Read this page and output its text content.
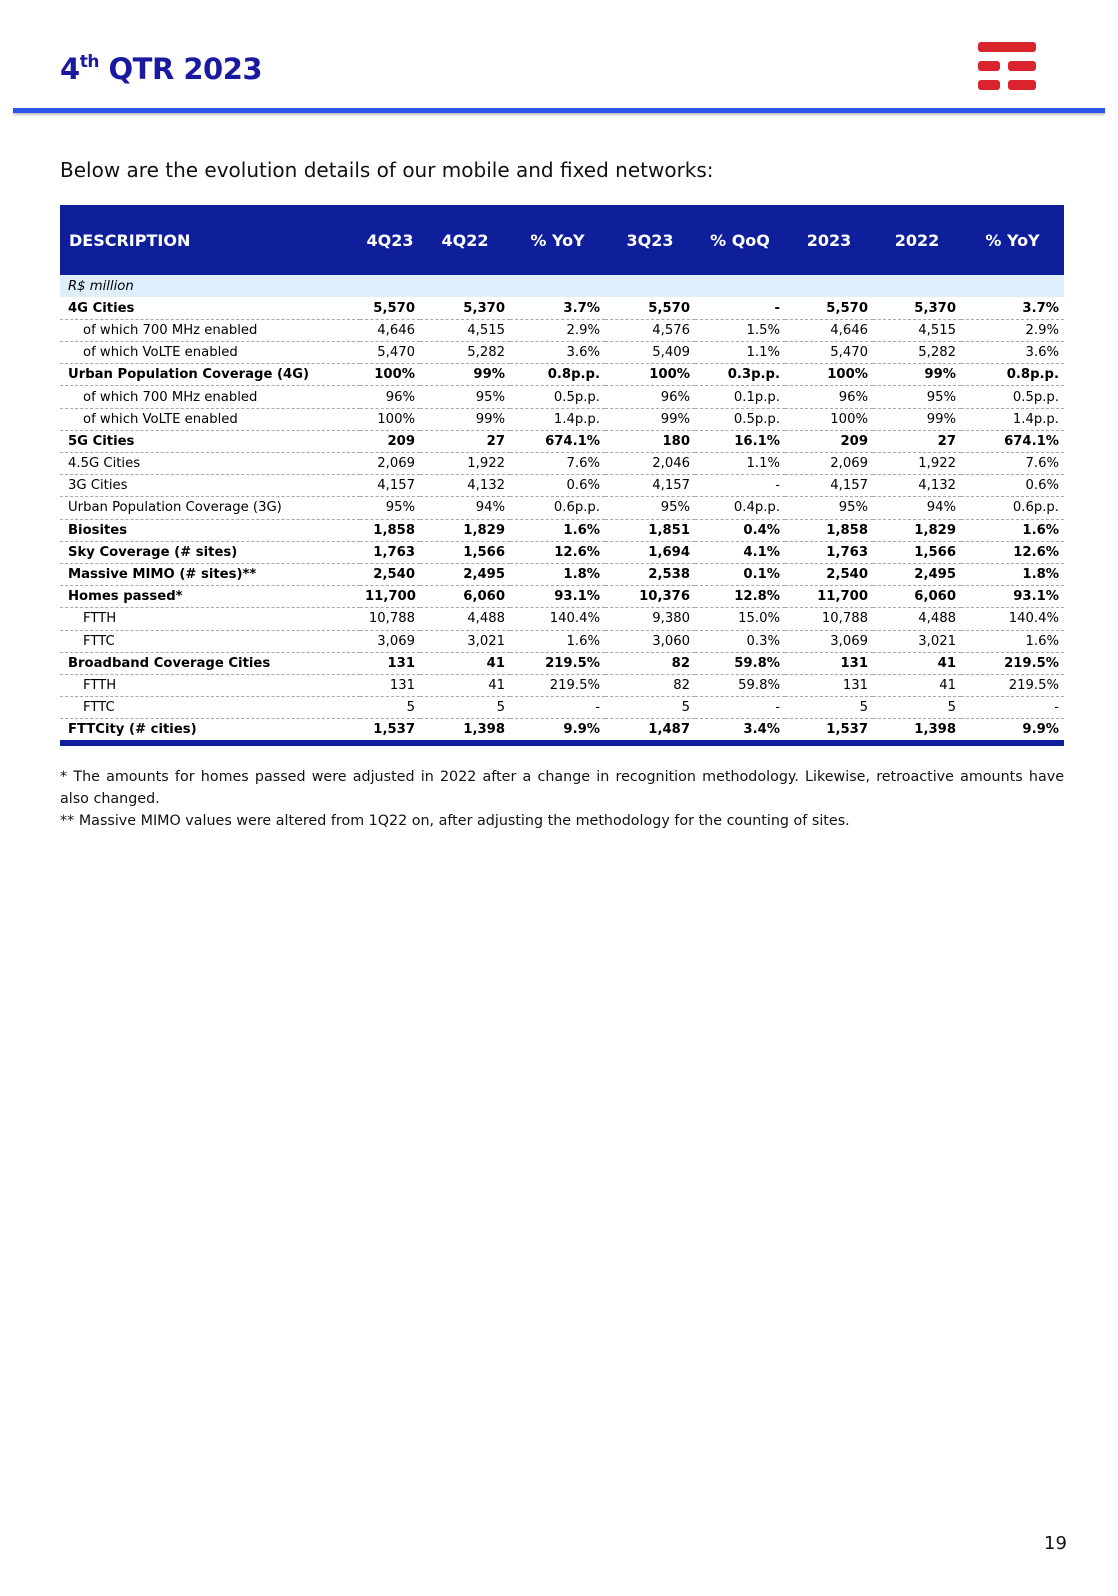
4th QTR 2023

Below are the evolution details of our mobile and fixed networks:

DESCRIPTION	4Q23	4Q22	% YoY	3Q23	% QoQ	2023	2022	% YoY
R$ million								
4G Cities	5,570	5,370	3.7%	5,570	-	5,570	5,370	3.7%
of which 700 MHz enabled	4,646	4,515	2.9%	4,576	1.5%	4,646	4,515	2.9%
of which VoLTE enabled	5,470	5,282	3.6%	5,409	1.1%	5,470	5,282	3.6%
Urban Population Coverage (4G)	100%	99%	0.8p.p.	100%	0.3p.p.	100%	99%	0.8p.p.
of which 700 MHz enabled	96%	95%	0.5p.p.	96%	0.1p.p.	96%	95%	0.5p.p.
of which VoLTE enabled	100%	99%	1.4p.p.	99%	0.5p.p.	100%	99%	1.4p.p.
5G Cities	209	27	674.1%	180	16.1%	209	27	674.1%
4.5G Cities	2,069	1,922	7.6%	2,046	1.1%	2,069	1,922	7.6%
3G Cities	4,157	4,132	0.6%	4,157	-	4,157	4,132	0.6%
Urban Population Coverage (3G)	95%	94%	0.6p.p.	95%	0.4p.p.	95%	94%	0.6p.p.
Biosites	1,858	1,829	1.6%	1,851	0.4%	1,858	1,829	1.6%
Sky Coverage (# sites)	1,763	1,566	12.6%	1,694	4.1%	1,763	1,566	12.6%
Massive MIMO (# sites)**	2,540	2,495	1.8%	2,538	0.1%	2,540	2,495	1.8%
Homes passed*	11,700	6,060	93.1%	10,376	12.8%	11,700	6,060	93.1%
FTTH	10,788	4,488	140.4%	9,380	15.0%	10,788	4,488	140.4%
FTTC	3,069	3,021	1.6%	3,060	0.3%	3,069	3,021	1.6%
Broadband Coverage Cities	131	41	219.5%	82	59.8%	131	41	219.5%
FTTH	131	41	219.5%	82	59.8%	131	41	219.5%
FTTC	5	5	-	5	-	5	5	-
FTTCity (# cities)	1,537	1,398	9.9%	1,487	3.4%	1,537	1,398	9.9%

* The amounts for homes passed were adjusted in 2022 after a change in recognition methodology. Likewise, retroactive amounts have also changed.

** Massive MIMO values were altered from 1Q22 on, after adjusting the methodology for the counting of sites.

19
